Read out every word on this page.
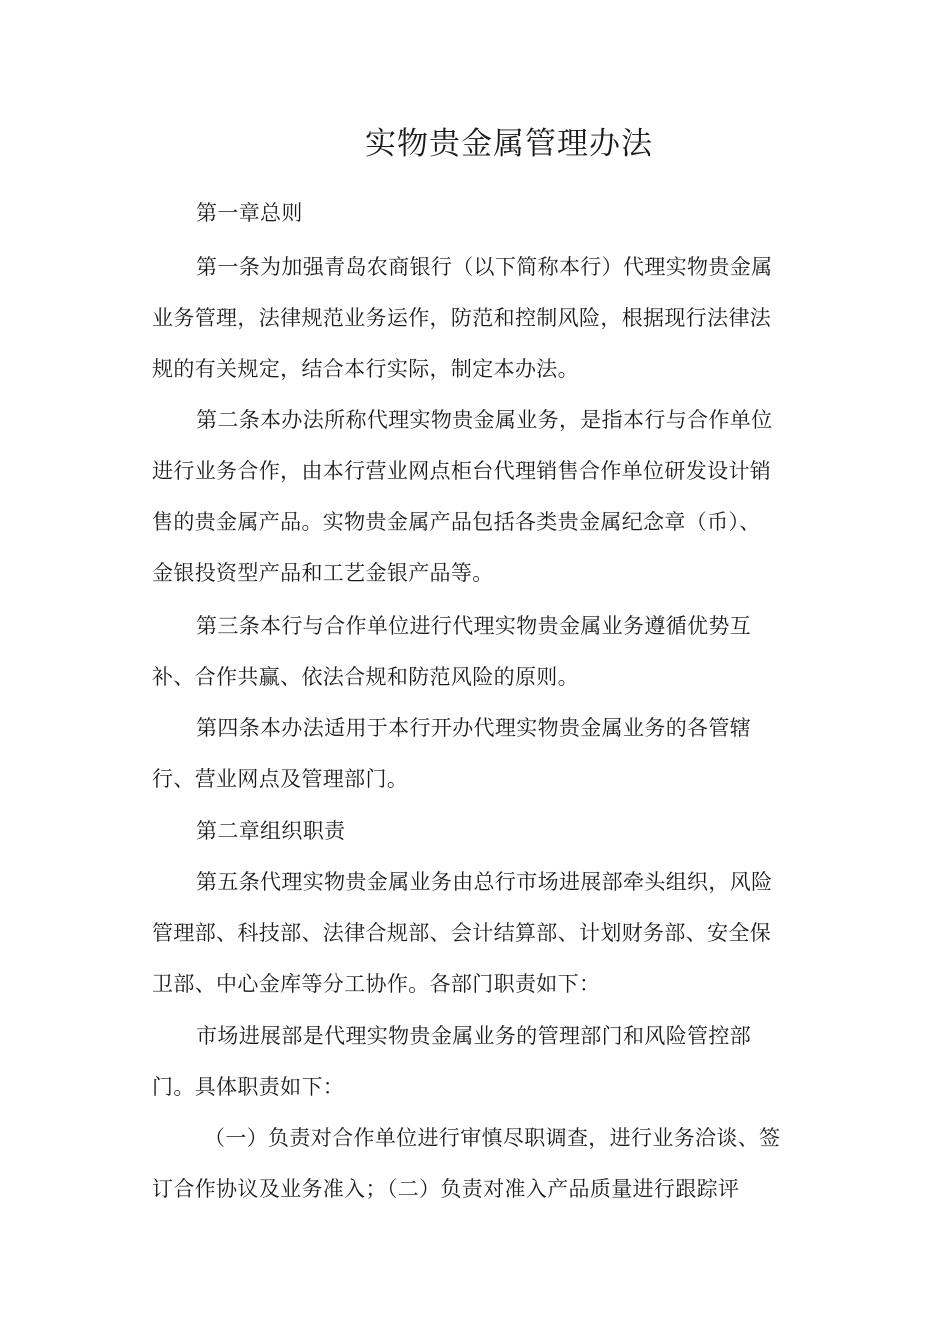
实物贵金属管理办法
第一章总则
第一条为加强青岛农商银行（以下简称本行）代理实物贵金属
业务管理，法律规范业务运作，防范和控制风险，根据现行法律法
规的有关规定，结合本行实际，制定本办法。
第二条本办法所称代理实物贵金属业务，是指本行与合作单位
进行业务合作，由本行营业网点柜台代理销售合作单位研发设计销
售的贵金属产品。实物贵金属产品包括各类贵金属纪念章（币）、
金银投资型产品和工艺金银产品等。
第三条本行与合作单位进行代理实物贵金属业务遵循优势互
补、合作共赢、依法合规和防范风险的原则。
第四条本办法适用于本行开办代理实物贵金属业务的各管辖
行、营业网点及管理部门。
第二章组织职责
第五条代理实物贵金属业务由总行市场进展部牵头组织，风险
管理部、科技部、法律合规部、会计结算部、计划财务部、安全保
卫部、中心金库等分工协作。各部门职责如下：
市场进展部是代理实物贵金属业务的管理部门和风险管控部
门。具体职责如下：
（一）负责对合作单位进行审慎尽职调查，进行业务洽谈、签
订合作协议及业务准入；（二）负责对准入产品质量进行跟踪评
